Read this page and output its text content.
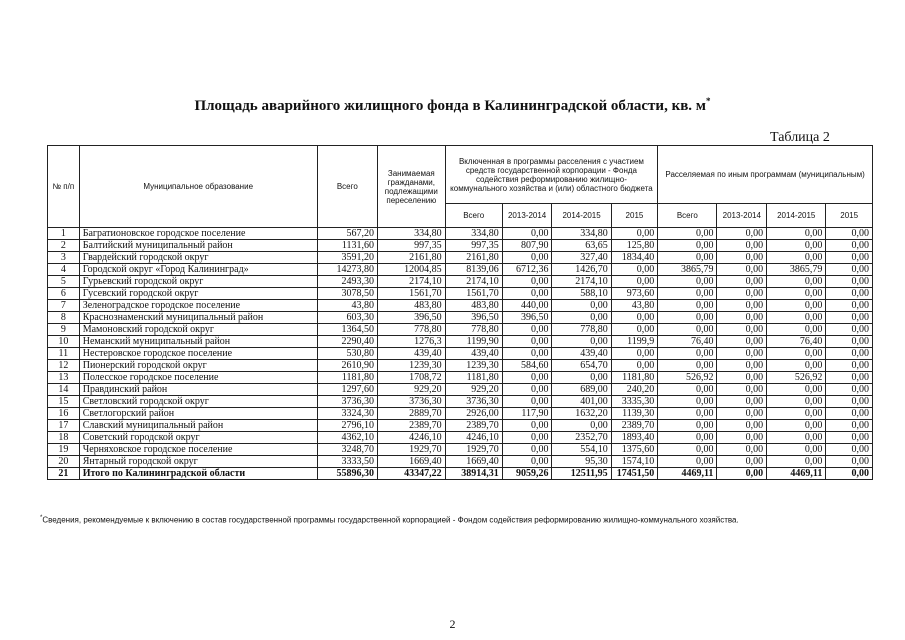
Площадь аварийного жилищного фонда в Калининградской области, кв. м*
Таблица 2
№ п/п	Муниципальное образование	Всего	Занимаемая гражданами, подлежащими переселению	Включенная в программы расселения с участием средств государственной корпорации - Фонда содействия реформированию жилищно-коммунального хозяйства и (или) областного бюджета				Расселяемая по иным программам (муниципальным)			
				Всего	2013-2014	2014-2015	2015	Всего	2013-2014	2014-2015	2015
1	Багратионовское городское поселение	567,20	334,80	334,80	0,00	334,80	0,00	0,00	0,00	0,00	0,00
2	Балтийский муниципальный район	1131,60	997,35	997,35	807,90	63,65	125,80	0,00	0,00	0,00	0,00
3	Гвардейский городской округ	3591,20	2161,80	2161,80	0,00	327,40	1834,40	0,00	0,00	0,00	0,00
4	Городской округ «Город Калининград»	14273,80	12004,85	8139,06	6712,36	1426,70	0,00	3865,79	0,00	3865,79	0,00
5	Гурьевский городской округ	2493,30	2174,10	2174,10	0,00	2174,10	0,00	0,00	0,00	0,00	0,00
6	Гусевский городской округ	3078,50	1561,70	1561,70	0,00	588,10	973,60	0,00	0,00	0,00	0,00
7	Зеленоградское городское поселение	43,80	483,80	483,80	440,00	0,00	43,80	0,00	0,00	0,00	0,00
8	Краснознаменский муниципальный район	603,30	396,50	396,50	396,50	0,00	0,00	0,00	0,00	0,00	0,00
9	Мамоновский городской округ	1364,50	778,80	778,80	0,00	778,80	0,00	0,00	0,00	0,00	0,00
10	Неманский муниципальный район	2290,40	1276,3	1199,90	0,00	0,00	1199,9	76,40	0,00	76,40	0,00
11	Нестеровское городское поселение	530,80	439,40	439,40	0,00	439,40	0,00	0,00	0,00	0,00	0,00
12	Пионерский городской округ	2610,90	1239,30	1239,30	584,60	654,70	0,00	0,00	0,00	0,00	0,00
13	Полесское городское поселение	1181,80	1708,72	1181,80	0,00	0,00	1181,80	526,92	0,00	526,92	0,00
14	Правдинский район	1297,60	929,20	929,20	0,00	689,00	240,20	0,00	0,00	0,00	0,00
15	Светловский городской округ	3736,30	3736,30	3736,30	0,00	401,00	3335,30	0,00	0,00	0,00	0,00
16	Светлогорский район	3324,30	2889,70	2926,00	117,90	1632,20	1139,30	0,00	0,00	0,00	0,00
17	Славский муниципальный район	2796,10	2389,70	2389,70	0,00	0,00	2389,70	0,00	0,00	0,00	0,00
18	Советский городской округ	4362,10	4246,10	4246,10	0,00	2352,70	1893,40	0,00	0,00	0,00	0,00
19	Черняховское городское поселение	3248,70	1929,70	1929,70	0,00	554,10	1375,60	0,00	0,00	0,00	0,00
20	Янтарный городской округ	3333,50	1669,40	1669,40	0,00	95,30	1574,10	0,00	0,00	0,00	0,00
21	Итого по Калининградской области	55896,30	43347,22	38914,31	9059,26	12511,95	17451,50	4469,11	0,00	4469,11	0,00
*Сведения, рекомендуемые к включению в состав государственной программы государственной корпорацией - Фондом содействия реформированию жилищно-коммунального хозяйства.
2
